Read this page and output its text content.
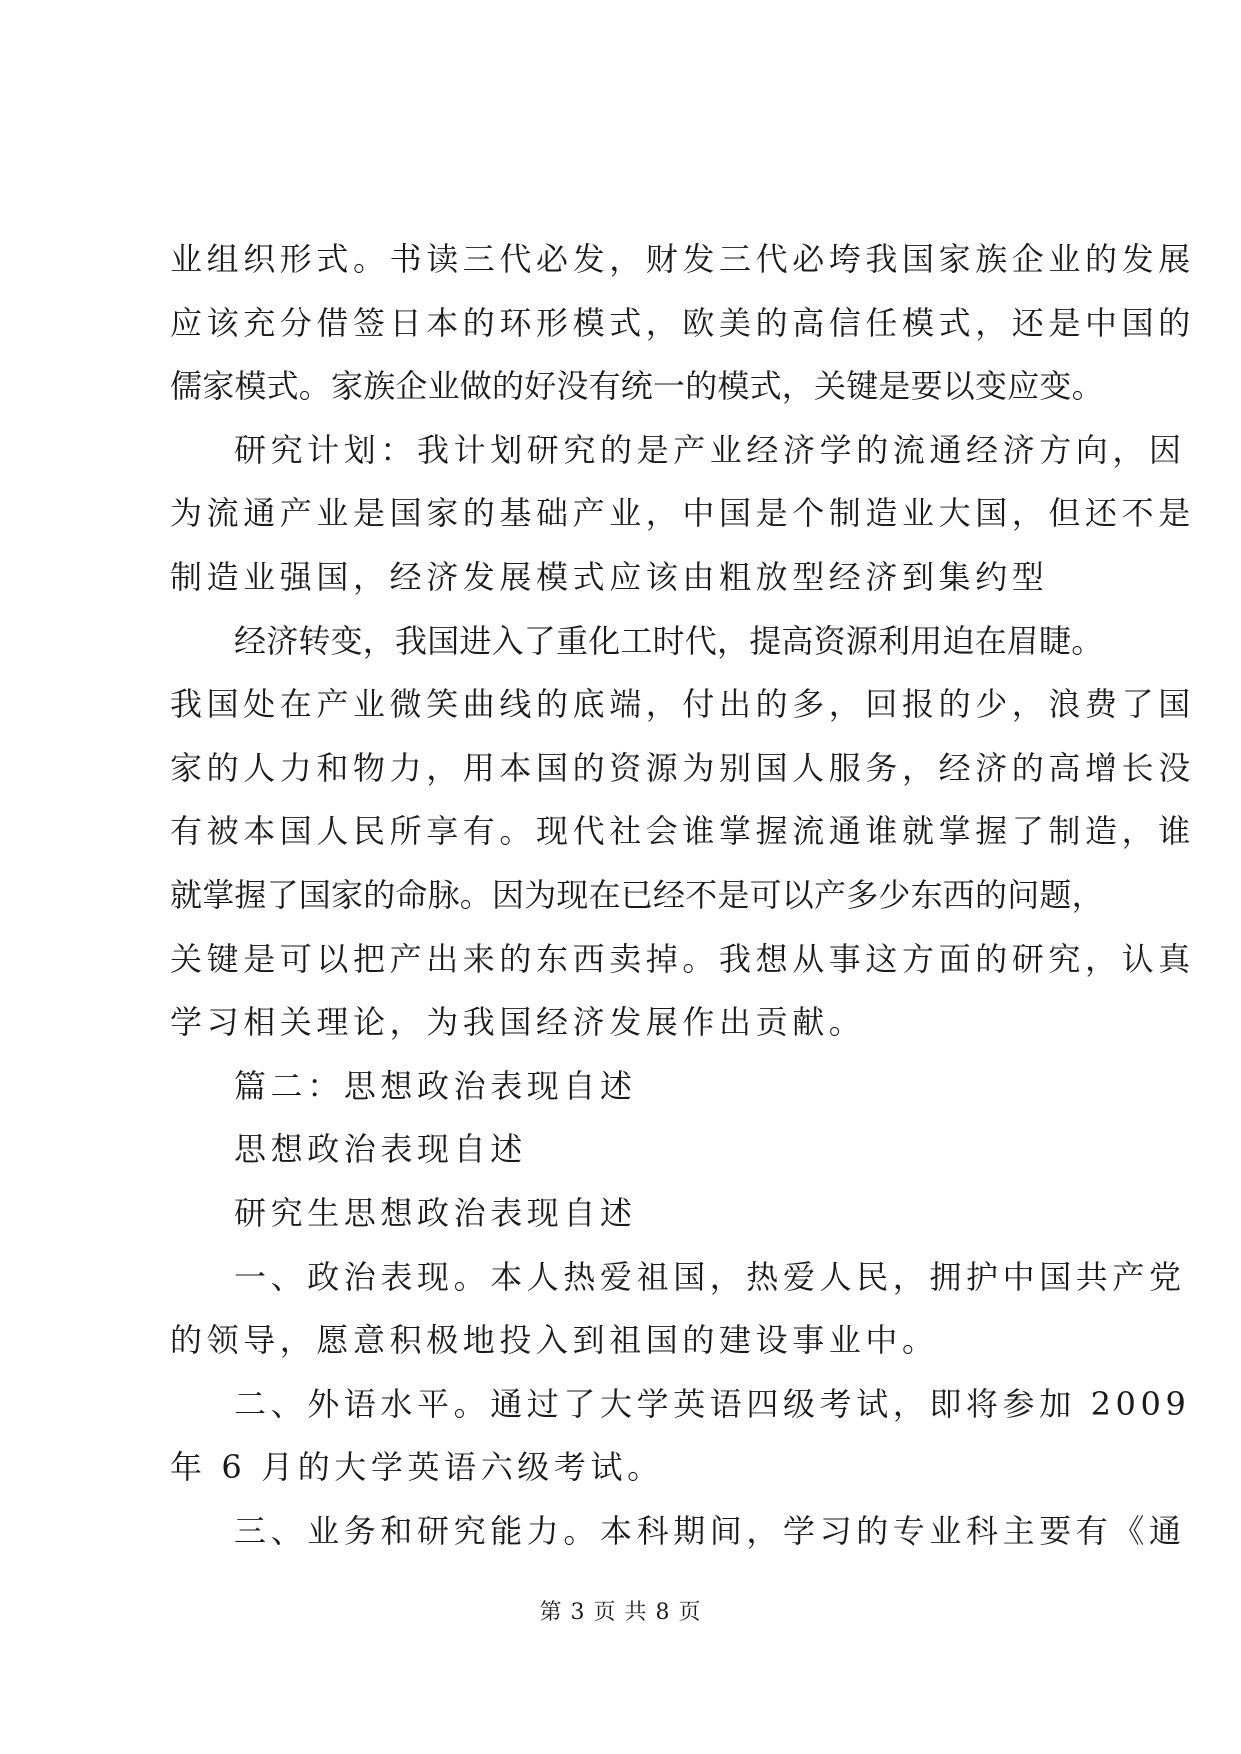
业组织形式。书读三代必发，财发三代必垮我国家族企业的发展
应该充分借签日本的环形模式，欧美的高信任模式，还是中国的
儒家模式。家族企业做的好没有统一的模式，关键是要以变应变。
研究计划：我计划研究的是产业经济学的流通经济方向，因
为流通产业是国家的基础产业，中国是个制造业大国，但还不是
制造业强国，经济发展模式应该由粗放型经济到集约型
经济转变，我国进入了重化工时代，提高资源利用迫在眉睫。
我国处在产业微笑曲线的底端，付出的多，回报的少，浪费了国
家的人力和物力，用本国的资源为别国人服务，经济的高增长没
有被本国人民所享有。现代社会谁掌握流通谁就掌握了制造，谁
就掌握了国家的命脉。因为现在已经不是可以产多少东西的问题，
关键是可以把产出来的东西卖掉。我想从事这方面的研究，认真
学习相关理论，为我国经济发展作出贡献。
篇二：思想政治表现自述
思想政治表现自述
研究生思想政治表现自述
一、政治表现。本人热爱祖国，热爱人民，拥护中国共产党
的领导，愿意积极地投入到祖国的建设事业中。
二、外语水平。通过了大学英语四级考试，即将参加 2009
年 6 月的大学英语六级考试。
三、业务和研究能力。本科期间，学习的专业科主要有《通
第 3 页 共 8 页
